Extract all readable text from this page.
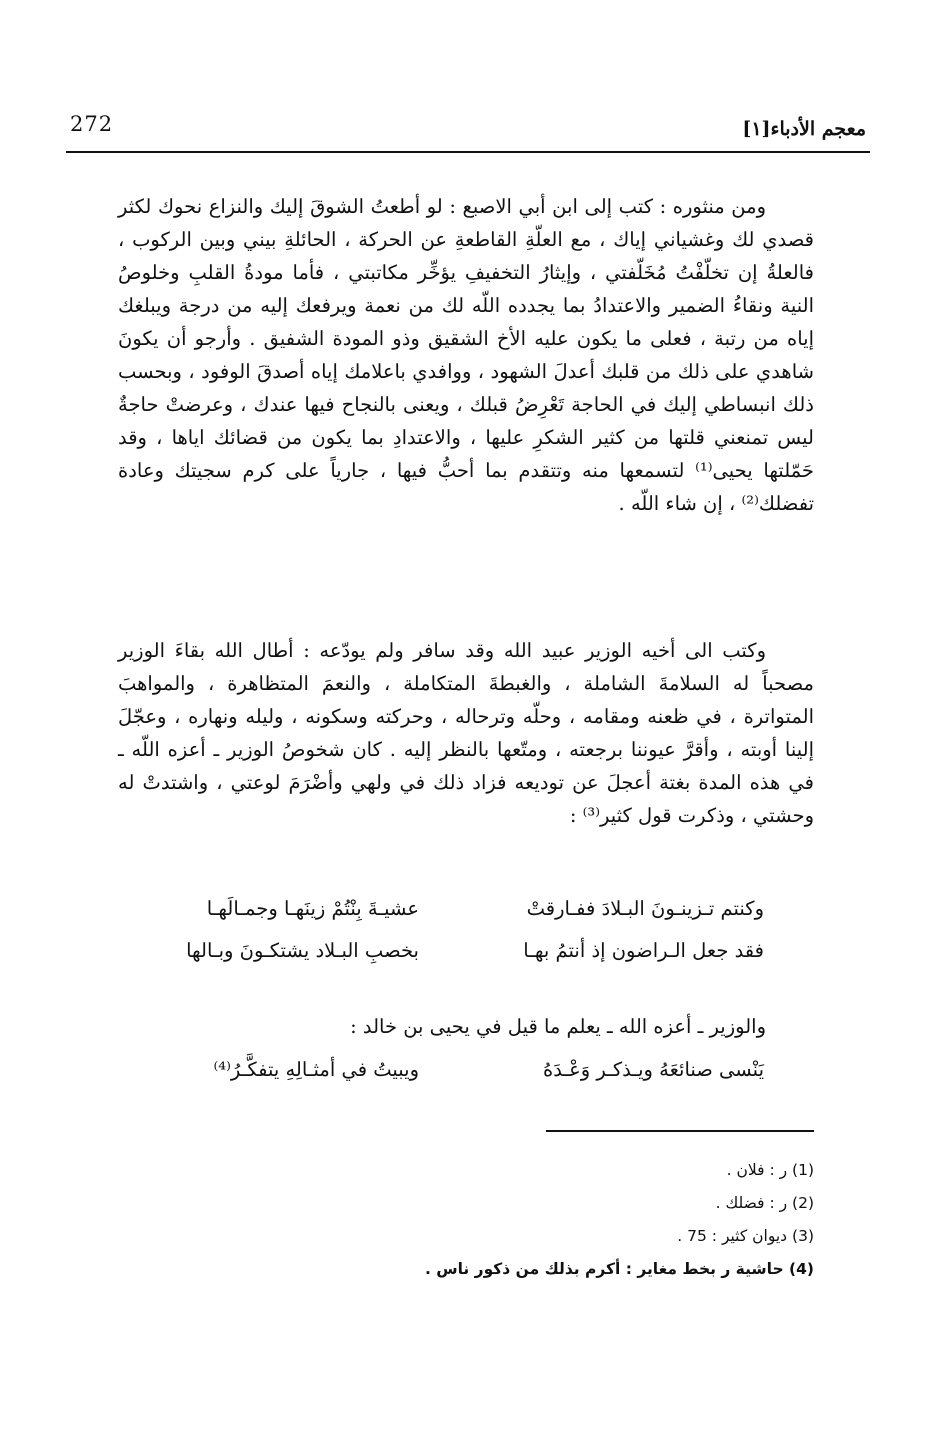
272	معجم الأدباء[١]

ومن منثوره : كتب إلى ابن أبي الاصبع : لو أطعتُ الشوقَ إليك والنزاع نحوك لكثر قصدي لك وغشياني إياك ، مع العلّةِ القاطعةِ عن الحركة ، الحائلةِ بيني وبين الركوب ، فالعلةُ إن تخلّفْتُ مُخَلّفتي ، وإيثارُ التخفيفِ يؤخِّر مكاتبتي ، فأما مودةُ القلبِ وخلوصُ النية ونقاءُ الضمير والاعتدادُ بما يجدده اللّه لك من نعمة ويرفعك إليه من درجة ويبلغك إياه من رتبة ، فعلى ما يكون عليه الأخ الشقيق وذو المودة الشفيق . وأرجو أن يكونَ شاهدي على ذلك من قلبك أعدلَ الشهود ، ووافدي باعلامك إياه أصدقَ الوفود ، وبحسب ذلك انبساطي إليك في الحاجة تَعْرِضُ قبلك ، ويعنى بالنجاح فيها عندك ، وعرضتْ حاجةٌ ليس تمنعني قلتها من كثير الشكرِ عليها ، والاعتدادِ بما يكون من قضائك اياها ، وقد حَمّلتها يحيى⁽¹⁾ لتسمعها منه وتتقدم بما أحبُّ فيها ، جارياً على كرم سجيتك وعادة تفضلك⁽²⁾ ، إن شاء اللّه .

وكتب الى أخيه الوزير عبيد الله وقد سافر ولم يودّعه : أطال الله بقاءَ الوزير مصحباً له السلامةَ الشاملة ، والغبطةَ المتكاملة ، والنعمَ المتظاهرة ، والمواهبَ المتواترة ، في ظعنه ومقامه ، وحلّه وترحاله ، وحركته وسكونه ، وليله ونهاره ، وعجّلَ إلينا أوبته ، وأقرَّ عيوننا برجعته ، ومتّعها بالنظر إليه . كان شخوصُ الوزير ـ أعزه اللّه ـ في هذه المدة بغتة أعجلَ عن توديعه فزاد ذلك في ولهي وأضْرَمَ لوعتي ، واشتدتْ له وحشتي ، وذكرت قول كثير⁽³⁾ :

وكنتم تـزينـونَ البـلادَ ففـارقتْ
عشيـةَ بِنْتُمْ زينَهـا وجمـالَهـا
فقد جعل الـراضون إذ أنتمُ بهـا
بخصبِ البـلاد يشتكـونَ وبـالها

والوزير ـ أعزه الله ـ يعلم ما قيل في يحيى بن خالد :

يَنْسى صنائعَهُ ويـذكـر وَعْـدَهُ
ويبيتُ في أمثـالِهِ يتفكَّـرُ⁽⁴⁾
(1) ر : فلان .
(2) ر : فضلك .
(3) ديوان كثير : 75 .
(4) حاشية ر بخط مغاير : أكرم بذلك من ذكور ناس .
